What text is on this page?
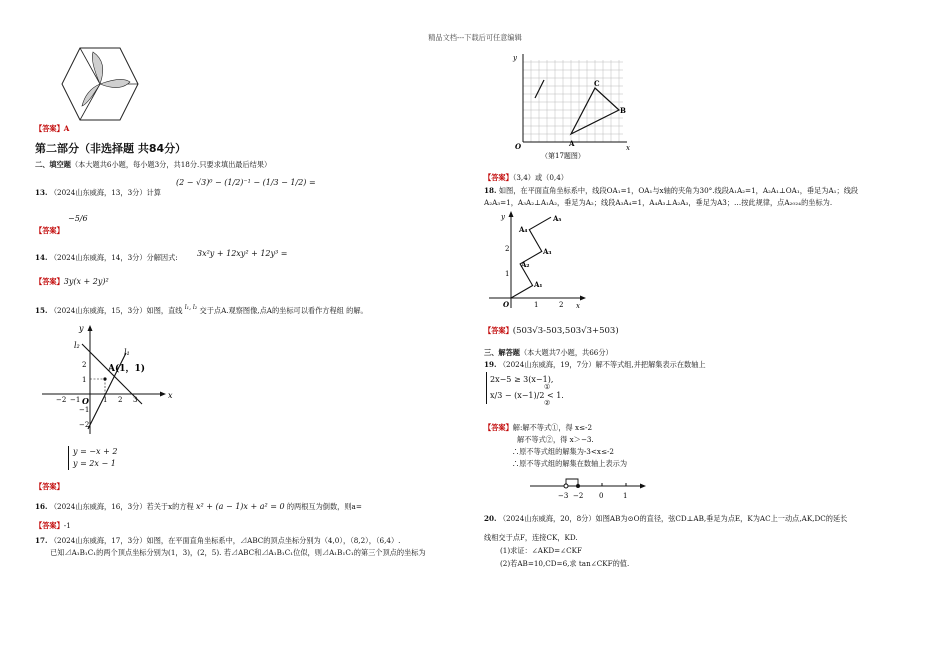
精品文档---下载后可任意编辑
【答案】A
第二部分（非选择题 共84分）
二、填空题（本大题共6小题，每小题3分，共18分.只要求填出最后结果）
13. （2024山东威海，13，3分）计算
(2 − √3)⁰ − (1/2)⁻¹ − (1/3 − 1/2) =
−5/6
【答案】
14. （2024山东威海，14，3分）分解因式: 3x²y + 12xy² + 12y³ =
【答案】3y(x + 2y)²
15. （2024山东威海，15，3分）如图，直线 $^{l_1, l_2}$ 交于点A.观察图像,点A的坐标可以看作方程组 的解。
x
y
O
−2 −1	1 2 3
2
1
−1
−2
A(1，1)
l₁
l₂
y = −x + 2
y = 2x − 1
【答案】
16. （2024山东威海，16，3分）若关于x的方程 x² + (a − 1)x + a² = 0 的两根互为倒数，则a=
【答案】-1
17. （2024山东威海，17，3分）如图，在平面直角坐标系中，⊿ABC的顶点坐标分别为（4,0），（8,2），（6,4）.
已知⊿A₁B₁C₁的两个顶点坐标分别为(1，3)，(2，5). 若⊿ABC和⊿A₁B₁C₁位似，则⊿A₁B₁C₁的第三个顶点的坐标为
x
y
O	A
B
C
（第17题图）
【答案】（3,4）或（0,4）
18. 如图，在平面直角坐标系中，线段OA₁=1，OA₁与x轴的夹角为30°.线段A₁A₂=1，A₂A₁⊥OA₁，垂足为A₁；线段
A₂A₃=1，A₃A₂⊥A₁A₂，垂足为A₂；线段A₃A₄=1，A₄A₃⊥A₂A₃，垂足为A3；…按此规律，点A₂₀₂₄的坐标为.
x
y
O	1	2
1
2
A₁
A₂
A₃
A₄
A₅
【答案】(503√3-503,503√3+503)
三、解答题（本大题共7小题，共66分）
19. （2024山东威海，19，7分）解不等式组,并把解集表示在数轴上
2x−5 ≥ 3(x−1),
x/3 − (x−1)/2 < 1.
①
②
【答案】解:解不等式①，得 x≤-2
解不等式②，得 x＞−3.
∴原不等式组的解集为-3<x≤-2
∴原不等式组的解集在数轴上表示为
−3 −2 0	1
20. （2024山东威海，20，8分）如图AB为⊙O的直径，弦CD⊥AB,垂足为点E，K为AC上一动点,AK,DC的延长
线相交于点F，连接CK，KD.
(1)求证：∠AKD=∠CKF
(2)若AB=10,CD=6,求 tan∠CKF的值.
